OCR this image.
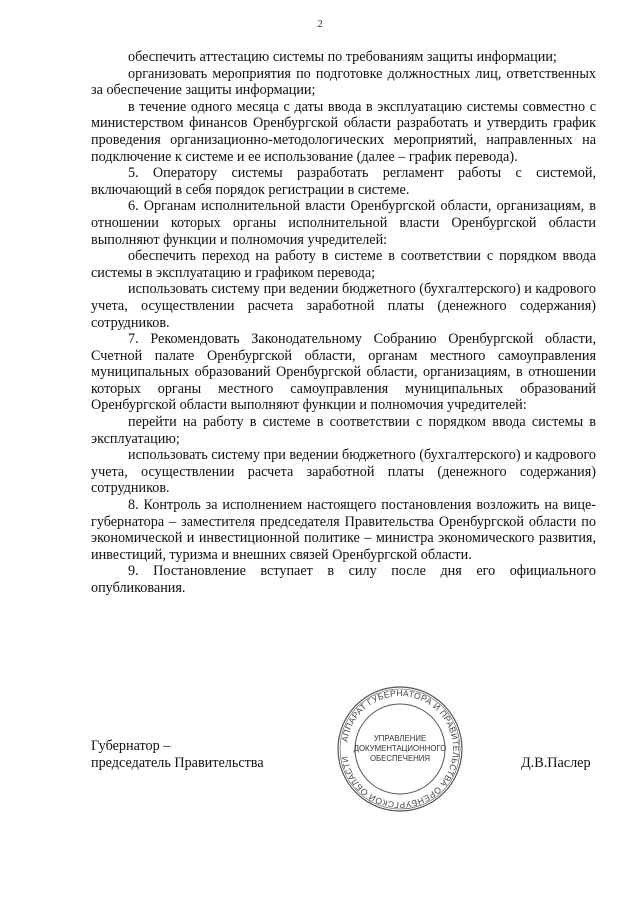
2

обеспечить аттестацию системы по требованиям защиты информации;

организовать мероприятия по подготовке должностных лиц, ответственных за обеспечение защиты информации;

в течение одного месяца с даты ввода в эксплуатацию системы совместно с министерством финансов Оренбургской области разработать и утвердить график проведения организационно-методологических мероприятий, направленных на подключение к системе и ее использование (далее – график перевода).

5. Оператору системы разработать регламент работы с системой, включающий в себя порядок регистрации в системе.

6. Органам исполнительной власти Оренбургской области, организациям, в отношении которых органы исполнительной власти Оренбургской области выполняют функции и полномочия учредителей:

обеспечить переход на работу в системе в соответствии с порядком ввода системы в эксплуатацию и графиком перевода;

использовать систему при ведении бюджетного (бухгалтерского) и кадрового учета, осуществлении расчета заработной платы (денежного содержания) сотрудников.

7. Рекомендовать Законодательному Собранию Оренбургской области, Счетной палате Оренбургской области, органам местного самоуправления муниципальных образований Оренбургской области, организациям, в отношении которых органы местного самоуправления муниципальных образований Оренбургской области выполняют функции и полномочия учредителей:

перейти на работу в системе в соответствии с порядком ввода системы в эксплуатацию;

использовать систему при ведении бюджетного (бухгалтерского) и кадрового учета, осуществлении расчета заработной платы (денежного содержания) сотрудников.

8. Контроль за исполнением настоящего постановления возложить на вице-губернатора – заместителя председателя Правительства Оренбургской области по экономической и инвестиционной политике – министра экономического развития, инвестиций, туризма и внешних связей Оренбургской области.

9. Постановление вступает в силу после дня его официального опубликования.

Губернатор –
председатель Правительства
АППАРАТ ГУБЕРНАТОРА И ПРАВИТЕЛЬСТВА ОРЕНБУРГСКОЙ ОБЛАСТИ
УПРАВЛЕНИЕ
ДОКУМЕНТАЦИОННОГО
ОБЕСПЕЧЕНИЯ	Д.В.Паслер
